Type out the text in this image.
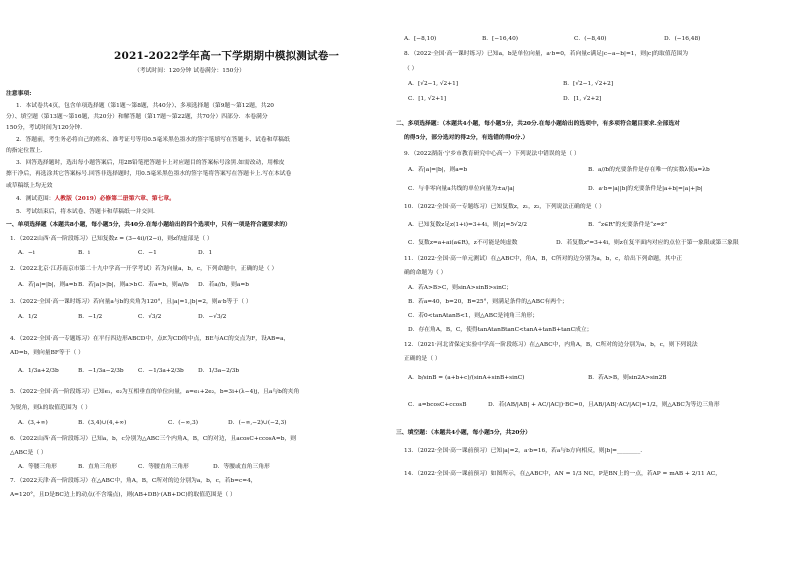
2021-2022学年高一下学期期中模拟测试卷一
（考试时间：120分钟 试卷满分：150分）
注意事项:
1．本试卷共4页，包含单项选择题（第1题～第8题，共40分）、多项选择题（第9题～第12题，共20
分）、填空题（第13题～第16题，共20分）和解答题（第17题～第22题，共70分）四部分．本卷满分
150分，考试时间为120分钟．
2．答题前，考生务必将自己的姓名、准考证号等用0.5毫米黑色墨水的签字笔填写在答题卡、试卷和草稿纸
的指定位置上．
3．回答选择题时，选出每小题答案后，用2B铅笔把答题卡上对应题目的答案标号涂黑.如需改动，用橡皮
擦干净后，再选涂其它答案标号.回答非选择题时，用0.5毫米黑色墨水的签字笔将答案写在答题卡上.写在本试卷
或草稿纸上均无效
4．测试范围：人教版（2019）必修第二册第六章、第七章。
5．考试结束后，将本试卷、答题卡和草稿纸一并交回.
一、单项选择题（本题共8小题，每小题5分，共40分.在每小题给出的四个选项中，只有一项是符合题要求的）
1．（2022山西·高一阶段练习）已知复数z = (3−4i)/(2−i)，则z的虚部是（ ）
A．−i	B．i	C．−1	D．1
2．（2022北京·江苏南京市第二十九中学高一开学考试）若为向量a，b，c，下列命题中，正确的是（ ）
A．若|a|=|b|，则a=bB．若|a|>|b|，则a>bC．若a=b，则a//b D．若a//b，则a=b
3．（2022·全国·高一课时练习）若向量a与b的夹角为120°，且|a|=1,|b|=2，则a·b等于（ ）
A．1/2	B．−1/2	C．√3/2	D．−√3/2
4．（2022·全国·高一专题练习）在平行四边形ABCD中，点E为CD的中点，BE与AC的交点为F，设AB=a，
AD=b，则向量BF等于（ ）
A．1/3a+2/3b	B．−1/3a−2/3b C．−1/3a+2/3b D．1/3a−2/3b
5．（2022·全国·高一阶段练习）已知e₁，e₂为互相垂直的单位向量，a=e₁+2e₂，b=3i+(λ−4)j，且a与b的夹角
为锐角，则λ的取值范围为（ ）
A．(3,+∞)	B．(3,4)∪(4,+∞)	C．(−∞,3)	D．(−∞,−2)∪(−2,3)
6．（2022山西·高一阶段练习）已知a，b，c分别为△ABC三个内角A，B，C的对边，且acosC+ccosA=b，则
△ABC是（ ）
A．等腰三角形	B．直角三角形	C．等腰直角三角形	D．等腰或直角三角形
7．（2022天津·高一阶段练习）在△ABC中，角A，B，C所对的边分别为a，b，c，若b=c=4，
A=120°，且D是BC边上的动点(不含端点)，则(AB+DB)·(AB+DC)的取值范围是（ ）
A．[−8,10)	B．[−16,40)	C．(−8,40)	D．(−16,48)
8．（2022·全国·高一课时练习）已知a，b是单位向量，a·b=0，若向量c满足|c−a−b|=1，则|c|的取值范围为
（ ）
A．[√2−1, √2+1]	B．[√2−1, √2+2]
C．[1, √2+1]	D．[1, √2+2]
二、多项选择题：（本题共4小题，每小题5分，共20分.在每小题给出的选项中，有多项符合题目要求.全部选对
的得5分，部分选对的得2分，有选错的得0分.）
9．（2022湖南·宁乡市教育研究中心高一）下列说法中错误的是（ ）
A．若|a|=|b|，则a=b	B．a//b的充要条件是存在唯一的实数λ使a=λb
C．与非零向量a共线的单位向量为±a/|a|	D．a·b=|a||b|的充要条件是|a+b|=|a|+|b|
10．（2022·全国·高一专题练习）已知复数z，z₁，z₂，下列说法正确的是（ ）
A．已知复数z足z(1+i)=3+4i，则|z|=5√2/2	B．“z∈R”的充要条件是“z=z̄”
C．复数z=a+ai(a∈R)，z不可能是纯虚数	D．若复数z²=3+4i，则z在复平面内对应的点位于第一象限或第三象限
11．（2022·全国·高一单元测试）在△ABC中，角A，B，C所对的边分别为a，b，c，给出下列命题，其中正
确的命题为（ ）
A．若A>B>C，则sinA>sinB>sinC；
B．若a=40，b=20，B=25°，则满足条件的△ABC有两个；
C．若0<tanAtanB<1，则△ABC是钝角三角形；
D．存在角A，B，C，使得tanAtanBtanC<tanA+tanB+tanC成立；
12．（2021·河北省保定实验中学高一阶段练习）在△ABC中，内角A，B，C所对的边分别为a，b，c，则下列说法
正确的是（ ）
A．b/sinB = (a+b+c)/(sinA+sinB+sinC)	B．若A>B，则sin2A>sin2B
C．a=bcosC+ccosB	D．若(AB/|AB| + AC/|AC|)·BC=0，且AB/|AB|·AC/|AC|=1/2，则△ABC为等边三角形
三、填空题：（本题共4小题，每小题5分，共20分）
13．（2022·全国·高一课前预习）已知|a|=2，a·b=16，若a与b方向相反，则|b|=________.
14．（2022·全国·高一课前预习）如图所示，在△ABC中，AN = 1/3 NC，P是BN上的一点，若AP = mAB + 2/11 AC，
